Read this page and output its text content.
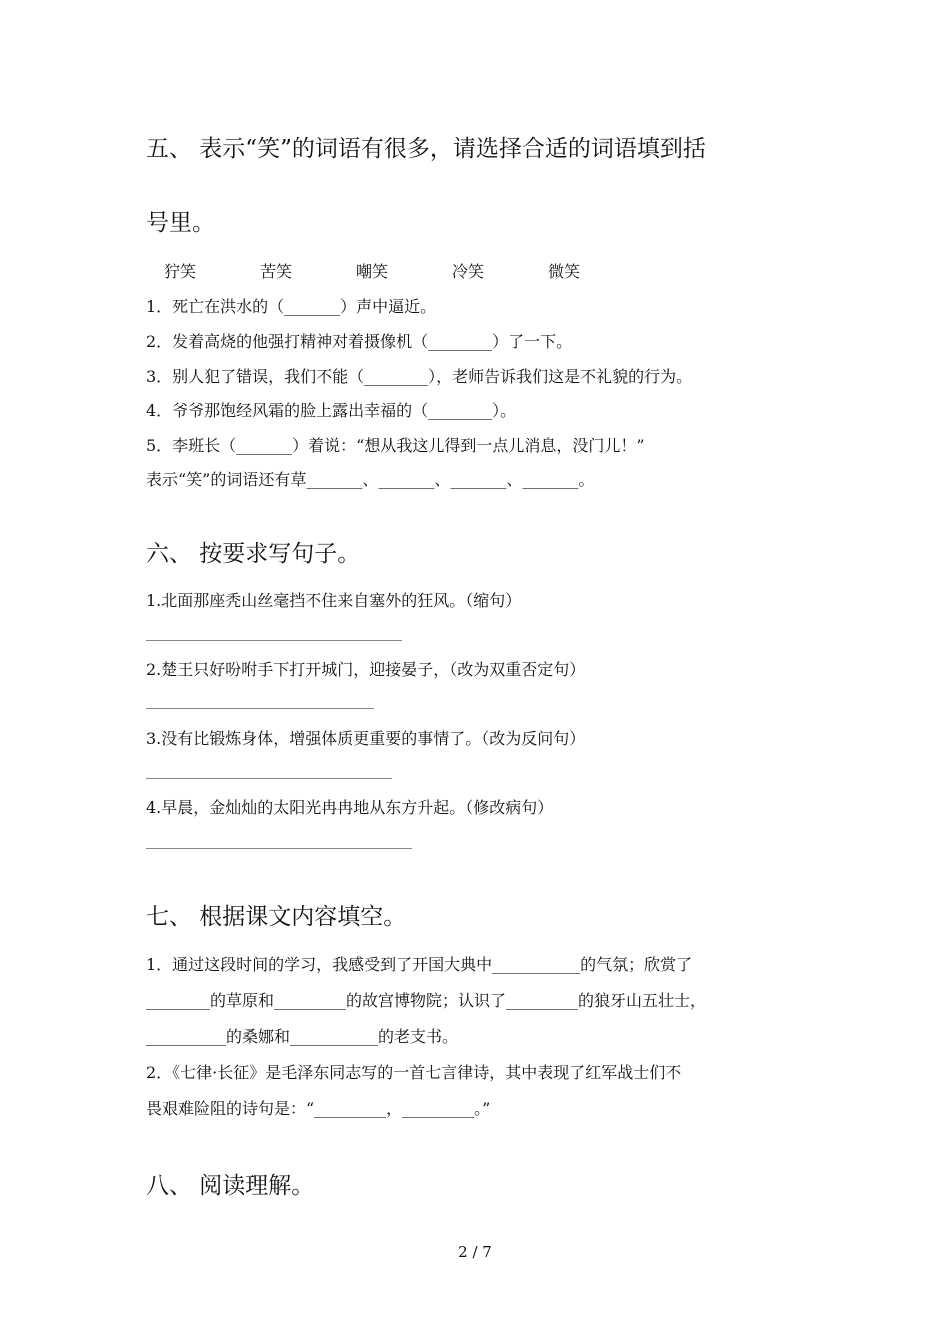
五、 表示“笑”的词语有很多，请选择合适的词语填到括
号里。
狞笑	苦笑	嘲笑	冷笑	微笑
1．死亡在洪水的（_______）声中逼近。
2．发着高烧的他强打精神对着摄像机（________）了一下。
3．别人犯了错误，我们不能（________），老师告诉我们这是不礼貌的行为。
4．爷爷那饱经风霜的脸上露出幸福的（________）。
5．李班长（_______）着说：“想从我这儿得到一点儿消息，没门儿！”
表示“笑”的词语还有草_______、_______、_______、_______。
六、 按要求写句子。
1.北面那座秃山丝毫挡不住来自塞外的狂风。（缩句）
2.楚王只好吩咐手下打开城门，迎接晏子，（改为双重否定句）
3.没有比锻炼身体，增强体质更重要的事情了。（改为反问句）
4.早晨，金灿灿的太阳光冉冉地从东方升起。（修改病句）
七、 根据课文内容填空。
1．通过这段时间的学习，我感受到了开国大典中___________的气氛；欣赏了
________的草原和_________的故宫博物院；认识了_________的狼牙山五壮士，
__________的桑娜和___________的老支书。
2．《七律·长征》是毛泽东同志写的一首七言律诗，其中表现了红军战士们不
畏艰难险阻的诗句是：“_________，_________。”
八、 阅读理解。
2 / 7
